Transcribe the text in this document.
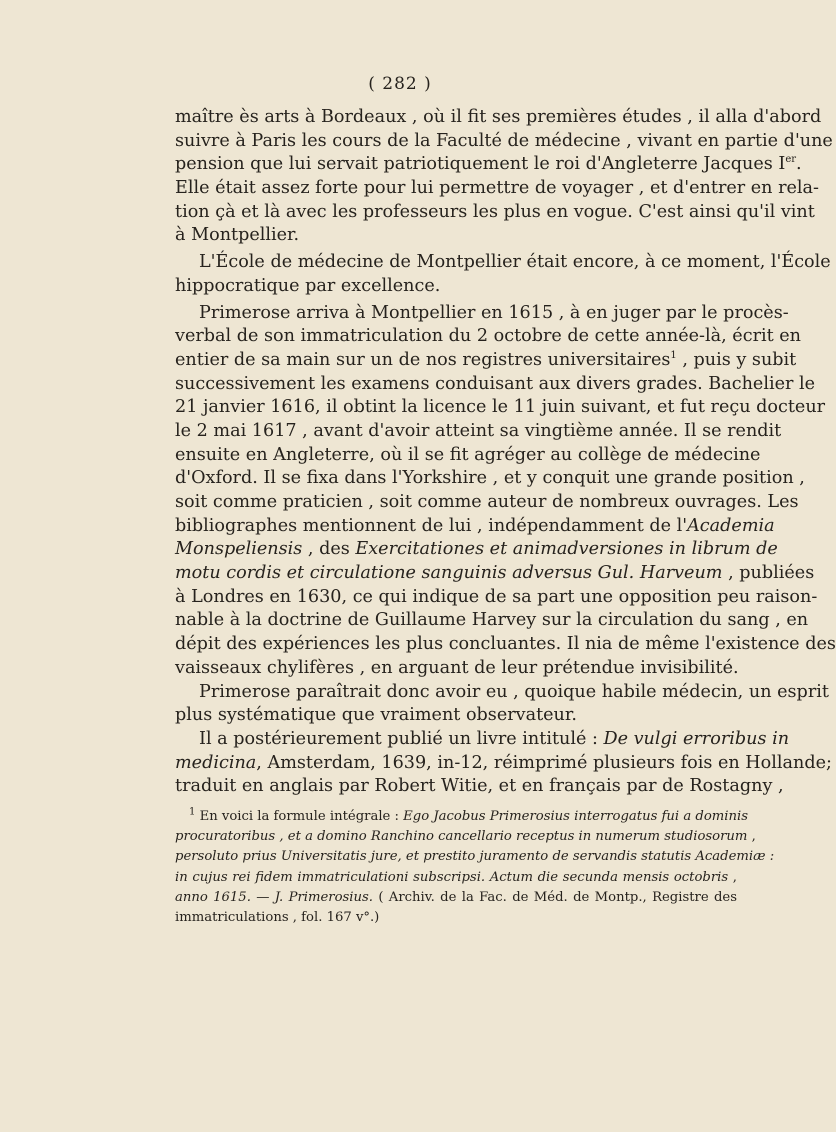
( 282 )
maître ès arts à Bordeaux , où il fit ses premières études , il alla d'abord
suivre à Paris les cours de la Faculté de médecine , vivant en partie d'une
pension que lui servait patriotiquement le roi d'Angleterre Jacques Ier.
Elle était assez forte pour lui permettre de voyager , et d'entrer en rela-
tion çà et là avec les professeurs les plus en vogue. C'est ainsi qu'il vint
à Montpellier.
L'École de médecine de Montpellier était encore, à ce moment, l'École
hippocratique par excellence.
Primerose arriva à Montpellier en 1615 , à en juger par le procès-
verbal de son immatriculation du 2 octobre de cette année-là, écrit en
entier de sa main sur un de nos registres universitaires$^1$ , puis y subit
successivement les examens conduisant aux divers grades. Bachelier le
21 janvier 1616, il obtint la licence le 11 juin suivant, et fut reçu docteur
le 2 mai 1617 , avant d'avoir atteint sa vingtième année. Il se rendit
ensuite en Angleterre, où il se fit agréger au collège de médecine
d'Oxford. Il se fixa dans l'Yorkshire , et y conquit une grande position ,
soit comme praticien , soit comme auteur de nombreux ouvrages. Les
bibliographes mentionnent de lui , indépendamment de l'Academia
Monspeliensis , des Exercitationes et animadversiones in librum de
motu cordis et circulatione sanguinis adversus Gul. Harveum , publiées
à Londres en 1630, ce qui indique de sa part une opposition peu raison-
nable à la doctrine de Guillaume Harvey sur la circulation du sang , en
dépit des expériences les plus concluantes. Il nia de même l'existence des
vaisseaux chylifères , en arguant de leur prétendue invisibilité.
Primerose paraîtrait donc avoir eu , quoique habile médecin, un esprit
plus systématique que vraiment observateur.
Il a postérieurement publié un livre intitulé : De vulgi erroribus in
medicina, Amsterdam, 1639, in-12, réimprimé plusieurs fois en Hollande;
traduit en anglais par Robert Witie, et en français par de Rostagny ,
$^1$ En voici la formule intégrale : Ego Jacobus Primerosius interrogatus fui a dominis
procuratoribus , et a domino Ranchino cancellario receptus in numerum studiosorum ,
persoluto prius Universitatis jure, et prestito juramento de servandis statutis Academiæ :
in cujus rei fidem immatriculationi subscripsi. Actum die secunda mensis octobris ,
anno 1615. — J. Primerosius. ( Archiv. de la Fac. de Méd. de Montp., Registre des
immatriculations , fol. 167 v°.)
